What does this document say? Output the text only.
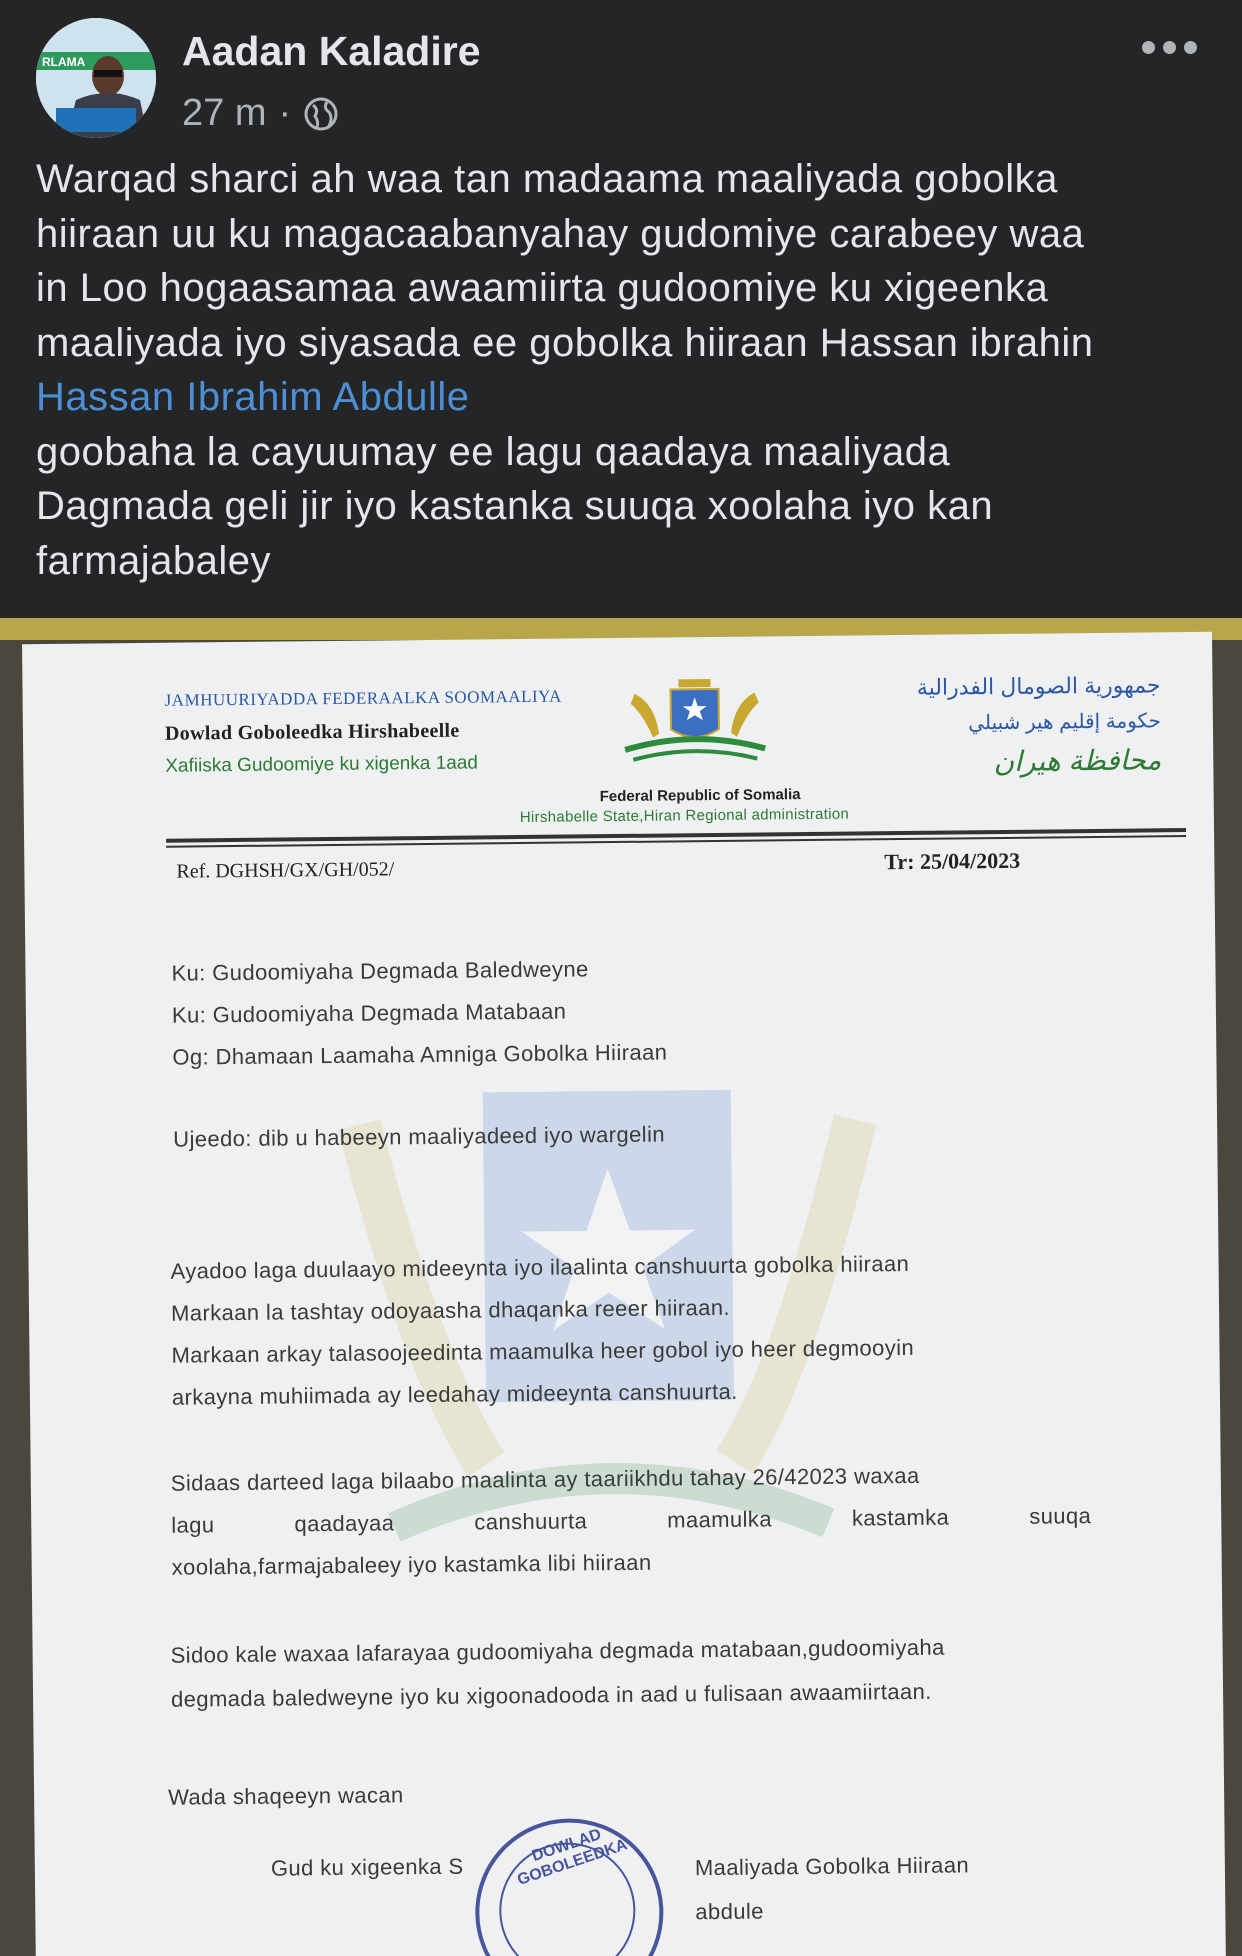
RLAMA Aadan Kaladire
27 m ·
Warqad sharci ah waa tan madaama maaliyada gobolka
hiiraan uu ku magacaabanyahay gudomiye carabeey waa
in Loo hogaasamaa awaamiirta gudoomiye ku xigeenka
maaliyada iyo siyasada ee gobolka hiiraan Hassan ibrahin
Hassan Ibrahim Abdulle
goobaha la cayuumay ee lagu qaadaya maaliyada
Dagmada geli jir iyo kastanka suuqa xoolaha iyo kan
farmajabaley
JAMHUURIYADDA FEDERAALKA SOOMAALIYA
Dowlad Goboleedka Hirshabeelle
Xafiiska Gudoomiye ku xigenka 1aad
جمهورية الصومال الفدرالية
حكومة إقليم هير شبيلي
محافظة هيران
Federal Republic of Somalia
Hirshabelle State,Hiran Regional administration
Ref. DGHSH/GX/GH/052/	Tr: 25/04/2023
Ku: Gudoomiyaha Degmada Baledweyne
Ku: Gudoomiyaha Degmada Matabaan
Og: Dhamaan Laamaha Amniga Gobolka Hiiraan
Ujeedo: dib u habeeyn maaliyadeed iyo wargelin
Ayadoo laga duulaayo mideeynta iyo ilaalinta canshuurta gobolka hiiraan
Markaan la tashtay odoyaasha dhaqanka reeer hiiraan.
Markaan arkay talasoojeedinta maamulka heer gobol iyo heer degmooyin
arkayna muhiimada ay leedahay mideeynta canshuurta.
Sidaas darteed laga bilaabo maalinta ay taariikhdu tahay 26/42023 waxaa
lagu	qaadayaa	canshuurta	maamulka	kastamka	suuqa
xoolaha,farmajabaleey iyo kastamka libi hiiraan
Sidoo kale waxaa lafarayaa gudoomiyaha degmada matabaan,gudoomiyaha
degmada baledweyne iyo ku xigoonadooda in aad u fulisaan awaamiirtaan.
Wada shaqeeyn wacan
Gud ku xigeenka S	Maaliyada Gobolka Hiiraan
abdule
DOWLAD GOBOLEEDKA
